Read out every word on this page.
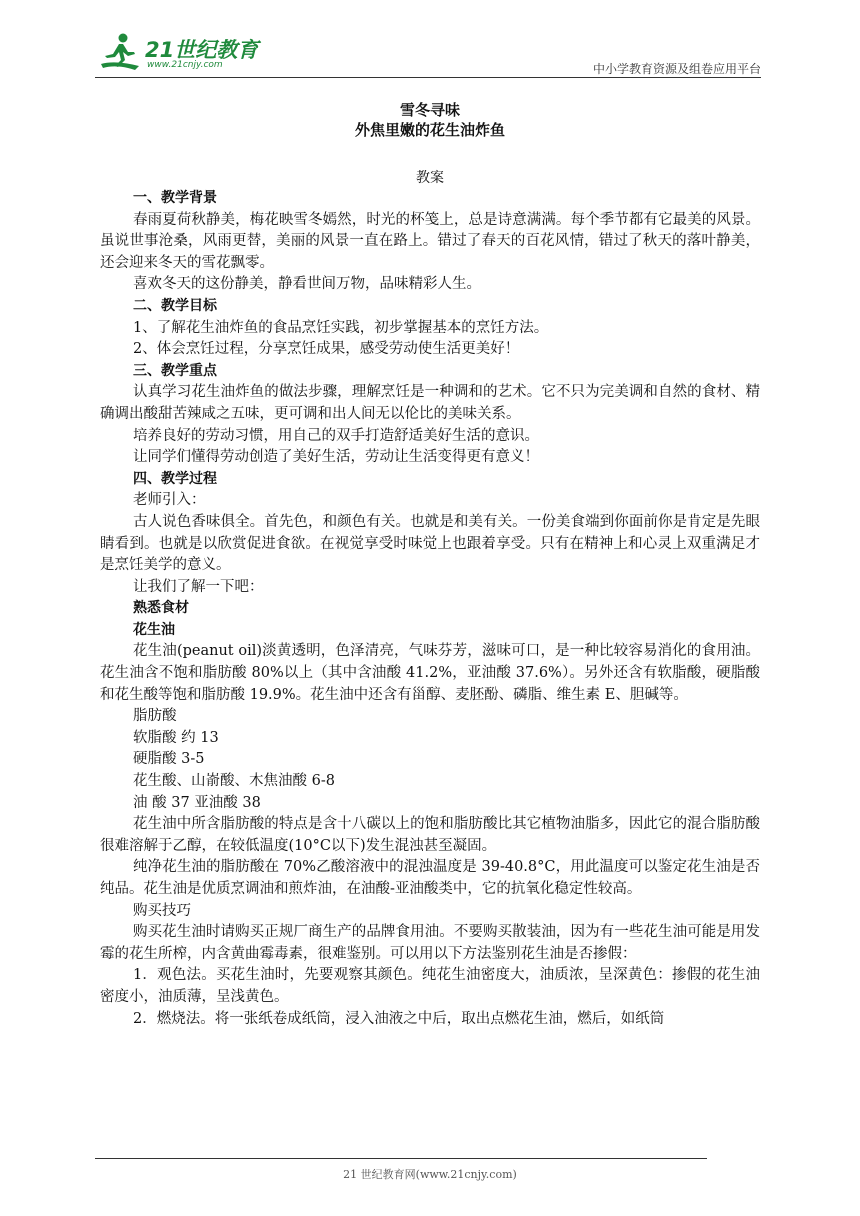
21世纪教育
www.21cnjy.com	中小学教育资源及组卷应用平台
雪冬寻味
外焦里嫩的花生油炸鱼
教案

一、教学背景

春雨夏荷秋静美，梅花映雪冬嫣然，时光的杯笺上，总是诗意满满。每个季节都有它最美的风景。虽说世事沧桑，风雨更替，美丽的风景一直在路上。错过了春天的百花风情，错过了秋天的落叶静美，还会迎来冬天的雪花飘零。

喜欢冬天的这份静美，静看世间万物，品味精彩人生。

二、教学目标

1、了解花生油炸鱼的食品烹饪实践，初步掌握基本的烹饪方法。

2、体会烹饪过程，分享烹饪成果，感受劳动使生活更美好！

三、教学重点

认真学习花生油炸鱼的做法步骤，理解烹饪是一种调和的艺术。它不只为完美调和自然的食材、精确调出酸甜苦辣咸之五味，更可调和出人间无以伦比的美味关系。

培养良好的劳动习惯，用自己的双手打造舒适美好生活的意识。

让同学们懂得劳动创造了美好生活，劳动让生活变得更有意义！

四、教学过程

老师引入：

古人说色香味俱全。首先色，和颜色有关。也就是和美有关。一份美食端到你面前你是肯定是先眼睛看到。也就是以欣赏促进食欲。在视觉享受时味觉上也跟着享受。只有在精神上和心灵上双重满足才是烹饪美学的意义。

让我们了解一下吧：

熟悉食材

花生油

花生油(peanut oil)淡黄透明，色泽清亮，气味芬芳，滋味可口，是一种比较容易消化的食用油。花生油含不饱和脂肪酸 80%以上（其中含油酸 41.2%，亚油酸 37.6%）。另外还含有软脂酸，硬脂酸和花生酸等饱和脂肪酸 19.9%。花生油中还含有甾醇、麦胚酚、磷脂、维生素 E、胆碱等。

脂肪酸

软脂酸 约 13

硬脂酸 3-5

花生酸、山嵛酸、木焦油酸 6-8

油 酸 37 亚油酸 38

花生油中所含脂肪酸的特点是含十八碳以上的饱和脂肪酸比其它植物油脂多，因此它的混合脂肪酸很难溶解于乙醇，在较低温度(10°C以下)发生混浊甚至凝固。

纯净花生油的脂肪酸在 70%乙酸溶液中的混浊温度是 39-40.8°C，用此温度可以鉴定花生油是否纯品。花生油是优质烹调油和煎炸油，在油酸-亚油酸类中，它的抗氧化稳定性较高。

购买技巧

购买花生油时请购买正规厂商生产的品牌食用油。不要购买散装油，因为有一些花生油可能是用发霉的花生所榨，内含黄曲霉毒素，很难鉴别。可以用以下方法鉴别花生油是否掺假：

1．观色法。买花生油时，先要观察其颜色。纯花生油密度大，油质浓，呈深黄色：掺假的花生油密度小，油质薄，呈浅黄色。

2．燃烧法。将一张纸卷成纸筒，浸入油液之中后，取出点燃花生油，燃后，如纸筒

21 世纪教育网(www.21cnjy.com)
